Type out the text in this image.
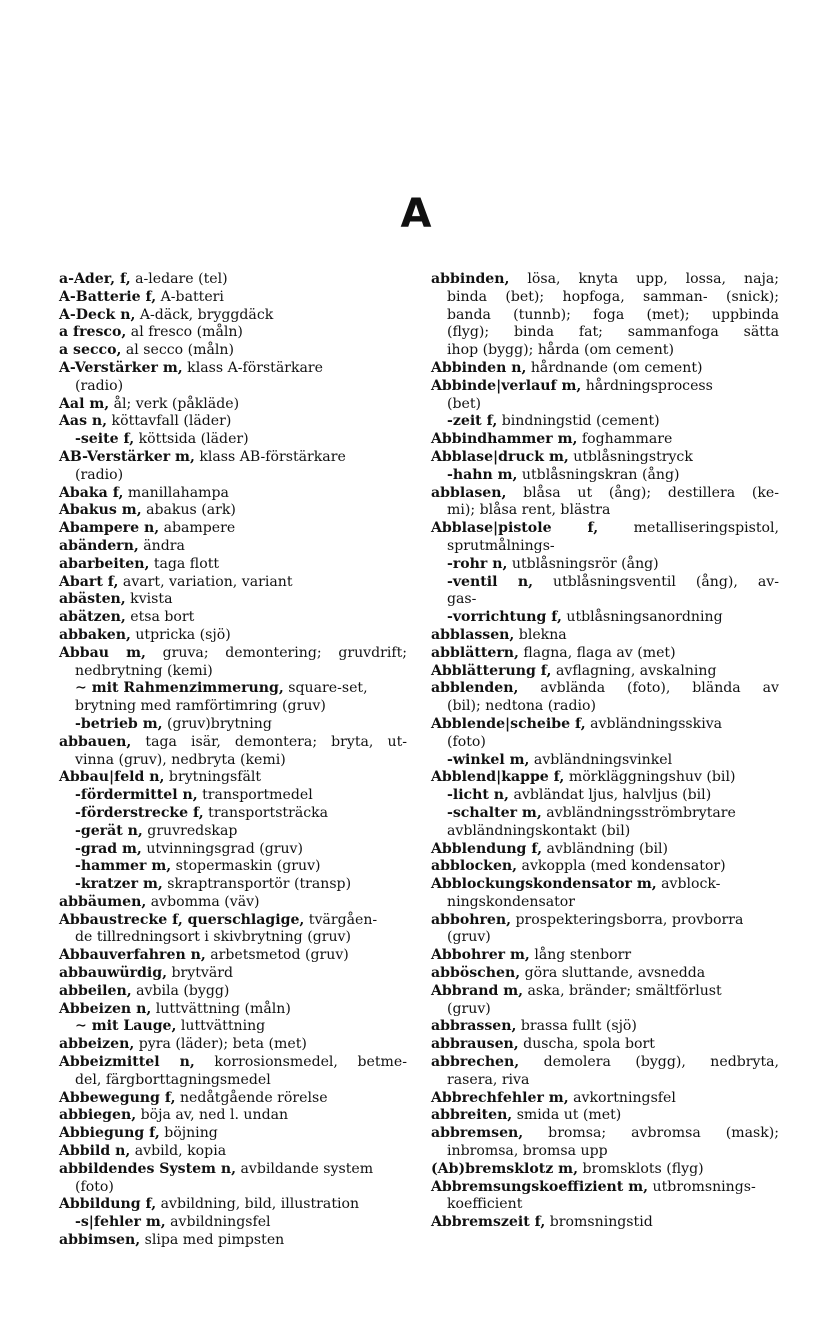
A
a-Ader, f, a-ledare (tel)
A-Batterie f, A-batteri
A-Deck n, A-däck, bryggdäck
a fresco, al fresco (måln)
a secco, al secco (måln)
A-Verstärker m, klass A-förstärkare
(radio)
Aal m, ål; verk (påkläde)
Aas n, köttavfall (läder)
-seite f, köttsida (läder)
AB-Verstärker m, klass AB-förstärkare
(radio)
Abaka f, manillahampa
Abakus m, abakus (ark)
Abampere n, abampere
abändern, ändra
abarbeiten, taga flott
Abart f, avart, variation, variant
abästen, kvista
abätzen, etsa bort
abbaken, utpricka (sjö)
Abbau m, gruva; demontering; gruvdrift;
nedbrytning (kemi)
∼ mit Rahmenzimmerung, square-set,
brytning med ramförtimring (gruv)
-betrieb m, (gruv)brytning
abbauen, taga isär, demontera; bryta, ut-
vinna (gruv), nedbryta (kemi)
Abbau|feld n, brytningsfält
-fördermittel n, transportmedel
-förderstrecke f, transportsträcka
-gerät n, gruvredskap
-grad m, utvinningsgrad (gruv)
-hammer m, stopermaskin (gruv)
-kratzer m, skraptransportör (transp)
abbäumen, avbomma (väv)
Abbaustrecke f, querschlagige, tvärgåen-
de tillredningsort i skivbrytning (gruv)
Abbauverfahren n, arbetsmetod (gruv)
abbauwürdig, brytvärd
abbeilen, avbila (bygg)
Abbeizen n, luttvättning (måln)
∼ mit Lauge, luttvättning
abbeizen, pyra (läder); beta (met)
Abbeizmittel n, korrosionsmedel, betme-
del, färgborttagningsmedel
Abbewegung f, nedåtgående rörelse
abbiegen, böja av, ned l. undan
Abbiegung f, böjning
Abbild n, avbild, kopia
abbildendes System n, avbildande system
(foto)
Abbildung f, avbildning, bild, illustration
-s|fehler m, avbildningsfel
abbimsen, slipa med pimpsten
abbinden, lösa, knyta upp, lossa, naja;
binda (bet); hopfoga, samman- (snick);
banda (tunnb); foga (met); uppbinda
(flyg); binda fat; sammanfoga sätta
ihop (bygg); hårda (om cement)
Abbinden n, hårdnande (om cement)
Abbinde|verlauf m, hårdningsprocess
(bet)
-zeit f, bindningstid (cement)
Abbindhammer m, foghammare
Abblase|druck m, utblåsningstryck
-hahn m, utblåsningskran (ång)
abblasen, blåsa ut (ång); destillera (ke-
mi); blåsa rent, blästra
Abblase|pistole f, metalliseringspistol,
sprutmålnings-
-rohr n, utblåsningsrör (ång)
-ventil n, utblåsningsventil (ång), av-
gas-
-vorrichtung f, utblåsningsanordning
abblassen, blekna
abblättern, flagna, flaga av (met)
Abblätterung f, avflagning, avskalning
abblenden, avbländа (foto), blända av
(bil); nedtona (radio)
Abblende|scheibe f, avbländningsskiva
(foto)
-winkel m, avbländningsvinkel
Abblend|kappe f, mörkläggningshuv (bil)
-licht n, avbländat ljus, halvljus (bil)
-schalter m, avbländningsströmbrytare
avbländningskontakt (bil)
Abblendung f, avbländning (bil)
abblocken, avkoppla (med kondensator)
Abblockungskondensator m, avblock-
ningskondensator
abbohren, prospekteringsborra, provborra
(gruv)
Abbohrer m, lång stenborr
abböschen, göra sluttande, avsnedda
Abbrand m, aska, bränder; smältförlust
(gruv)
abbrassen, brassa fullt (sjö)
abbrausen, duscha, spola bort
abbrechen, demolera (bygg), nedbryta,
rasera, riva
Abbrechfehler m, avkortningsfel
abbreiten, smida ut (met)
abbremsen, bromsa; avbromsa (mask);
inbromsa, bromsa upp
(Ab)bremsklotz m, bromsklots (flyg)
Abbremsungskoeffizient m, utbromsnings-
koefficient
Abbremszeit f, bromsningstid
